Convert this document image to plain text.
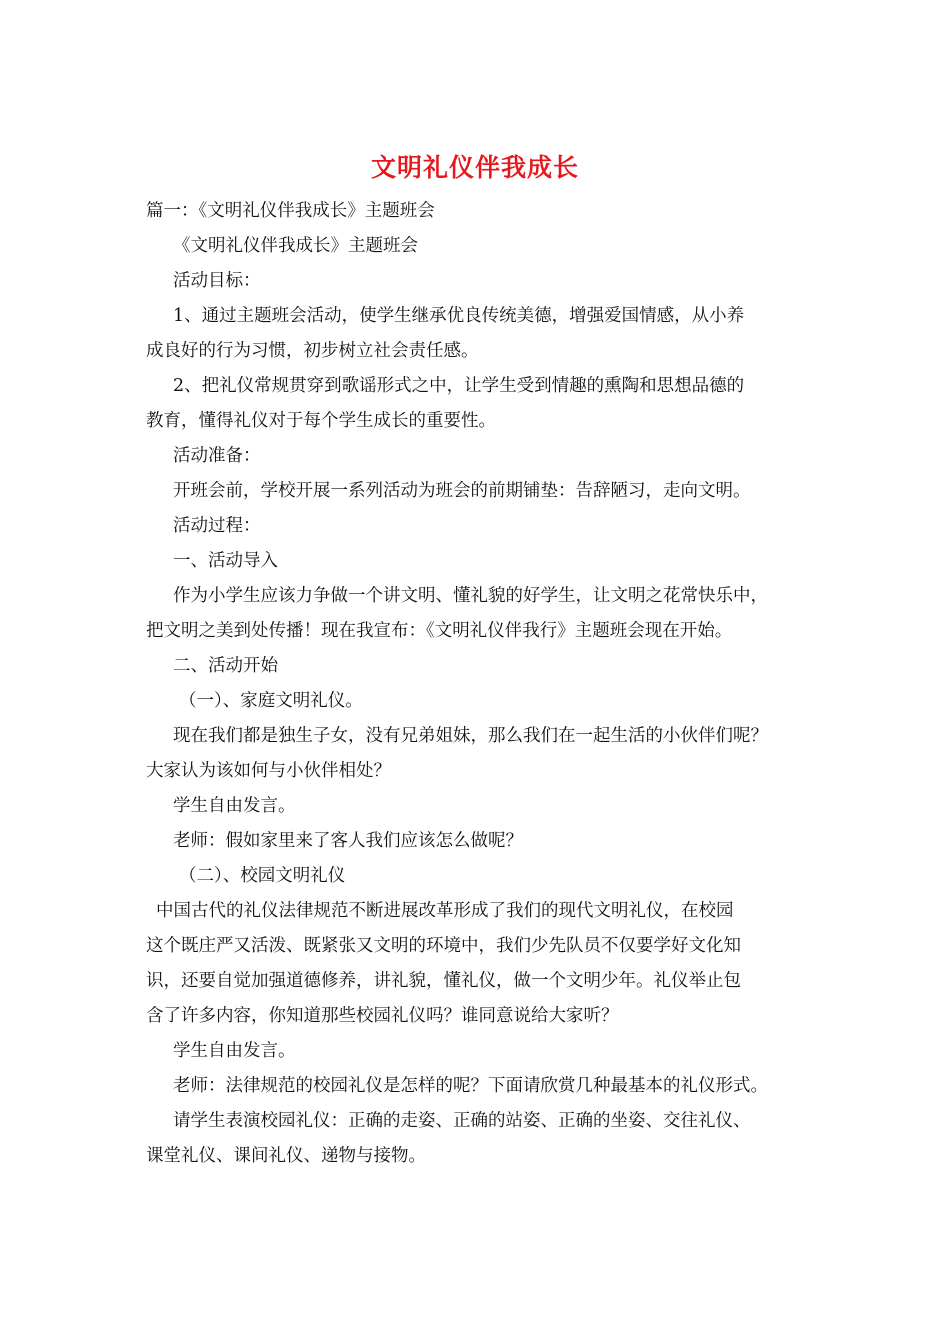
文明礼仪伴我成长
篇一：《文明礼仪伴我成长》主题班会
《文明礼仪伴我成长》主题班会
活动目标：
1、通过主题班会活动，使学生继承优良传统美德，增强爱国情感，从小养
成良好的行为习惯，初步树立社会责任感。
2、把礼仪常规贯穿到歌谣形式之中，让学生受到情趣的熏陶和思想品德的
教育，懂得礼仪对于每个学生成长的重要性。
活动准备：
开班会前，学校开展一系列活动为班会的前期铺垫：告辞陋习，走向文明。
活动过程：
一、活动导入
作为小学生应该力争做一个讲文明、懂礼貌的好学生，让文明之花常快乐中，
把文明之美到处传播！现在我宣布：《文明礼仪伴我行》主题班会现在开始。
二、活动开始
（一）、家庭文明礼仪。
现在我们都是独生子女，没有兄弟姐妹，那么我们在一起生活的小伙伴们呢？
大家认为该如何与小伙伴相处？
学生自由发言。
老师：假如家里来了客人我们应该怎么做呢？
（二）、校园文明礼仪
中国古代的礼仪法律规范不断进展改革形成了我们的现代文明礼仪，在校园
这个既庄严又活泼、既紧张又文明的环境中，我们少先队员不仅要学好文化知
识，还要自觉加强道德修养，讲礼貌，懂礼仪，做一个文明少年。礼仪举止包
含了许多内容，你知道那些校园礼仪吗？谁同意说给大家听？
学生自由发言。
老师：法律规范的校园礼仪是怎样的呢？下面请欣赏几种最基本的礼仪形式。
请学生表演校园礼仪：正确的走姿、正确的站姿、正确的坐姿、交往礼仪、
课堂礼仪、课间礼仪、递物与接物。
